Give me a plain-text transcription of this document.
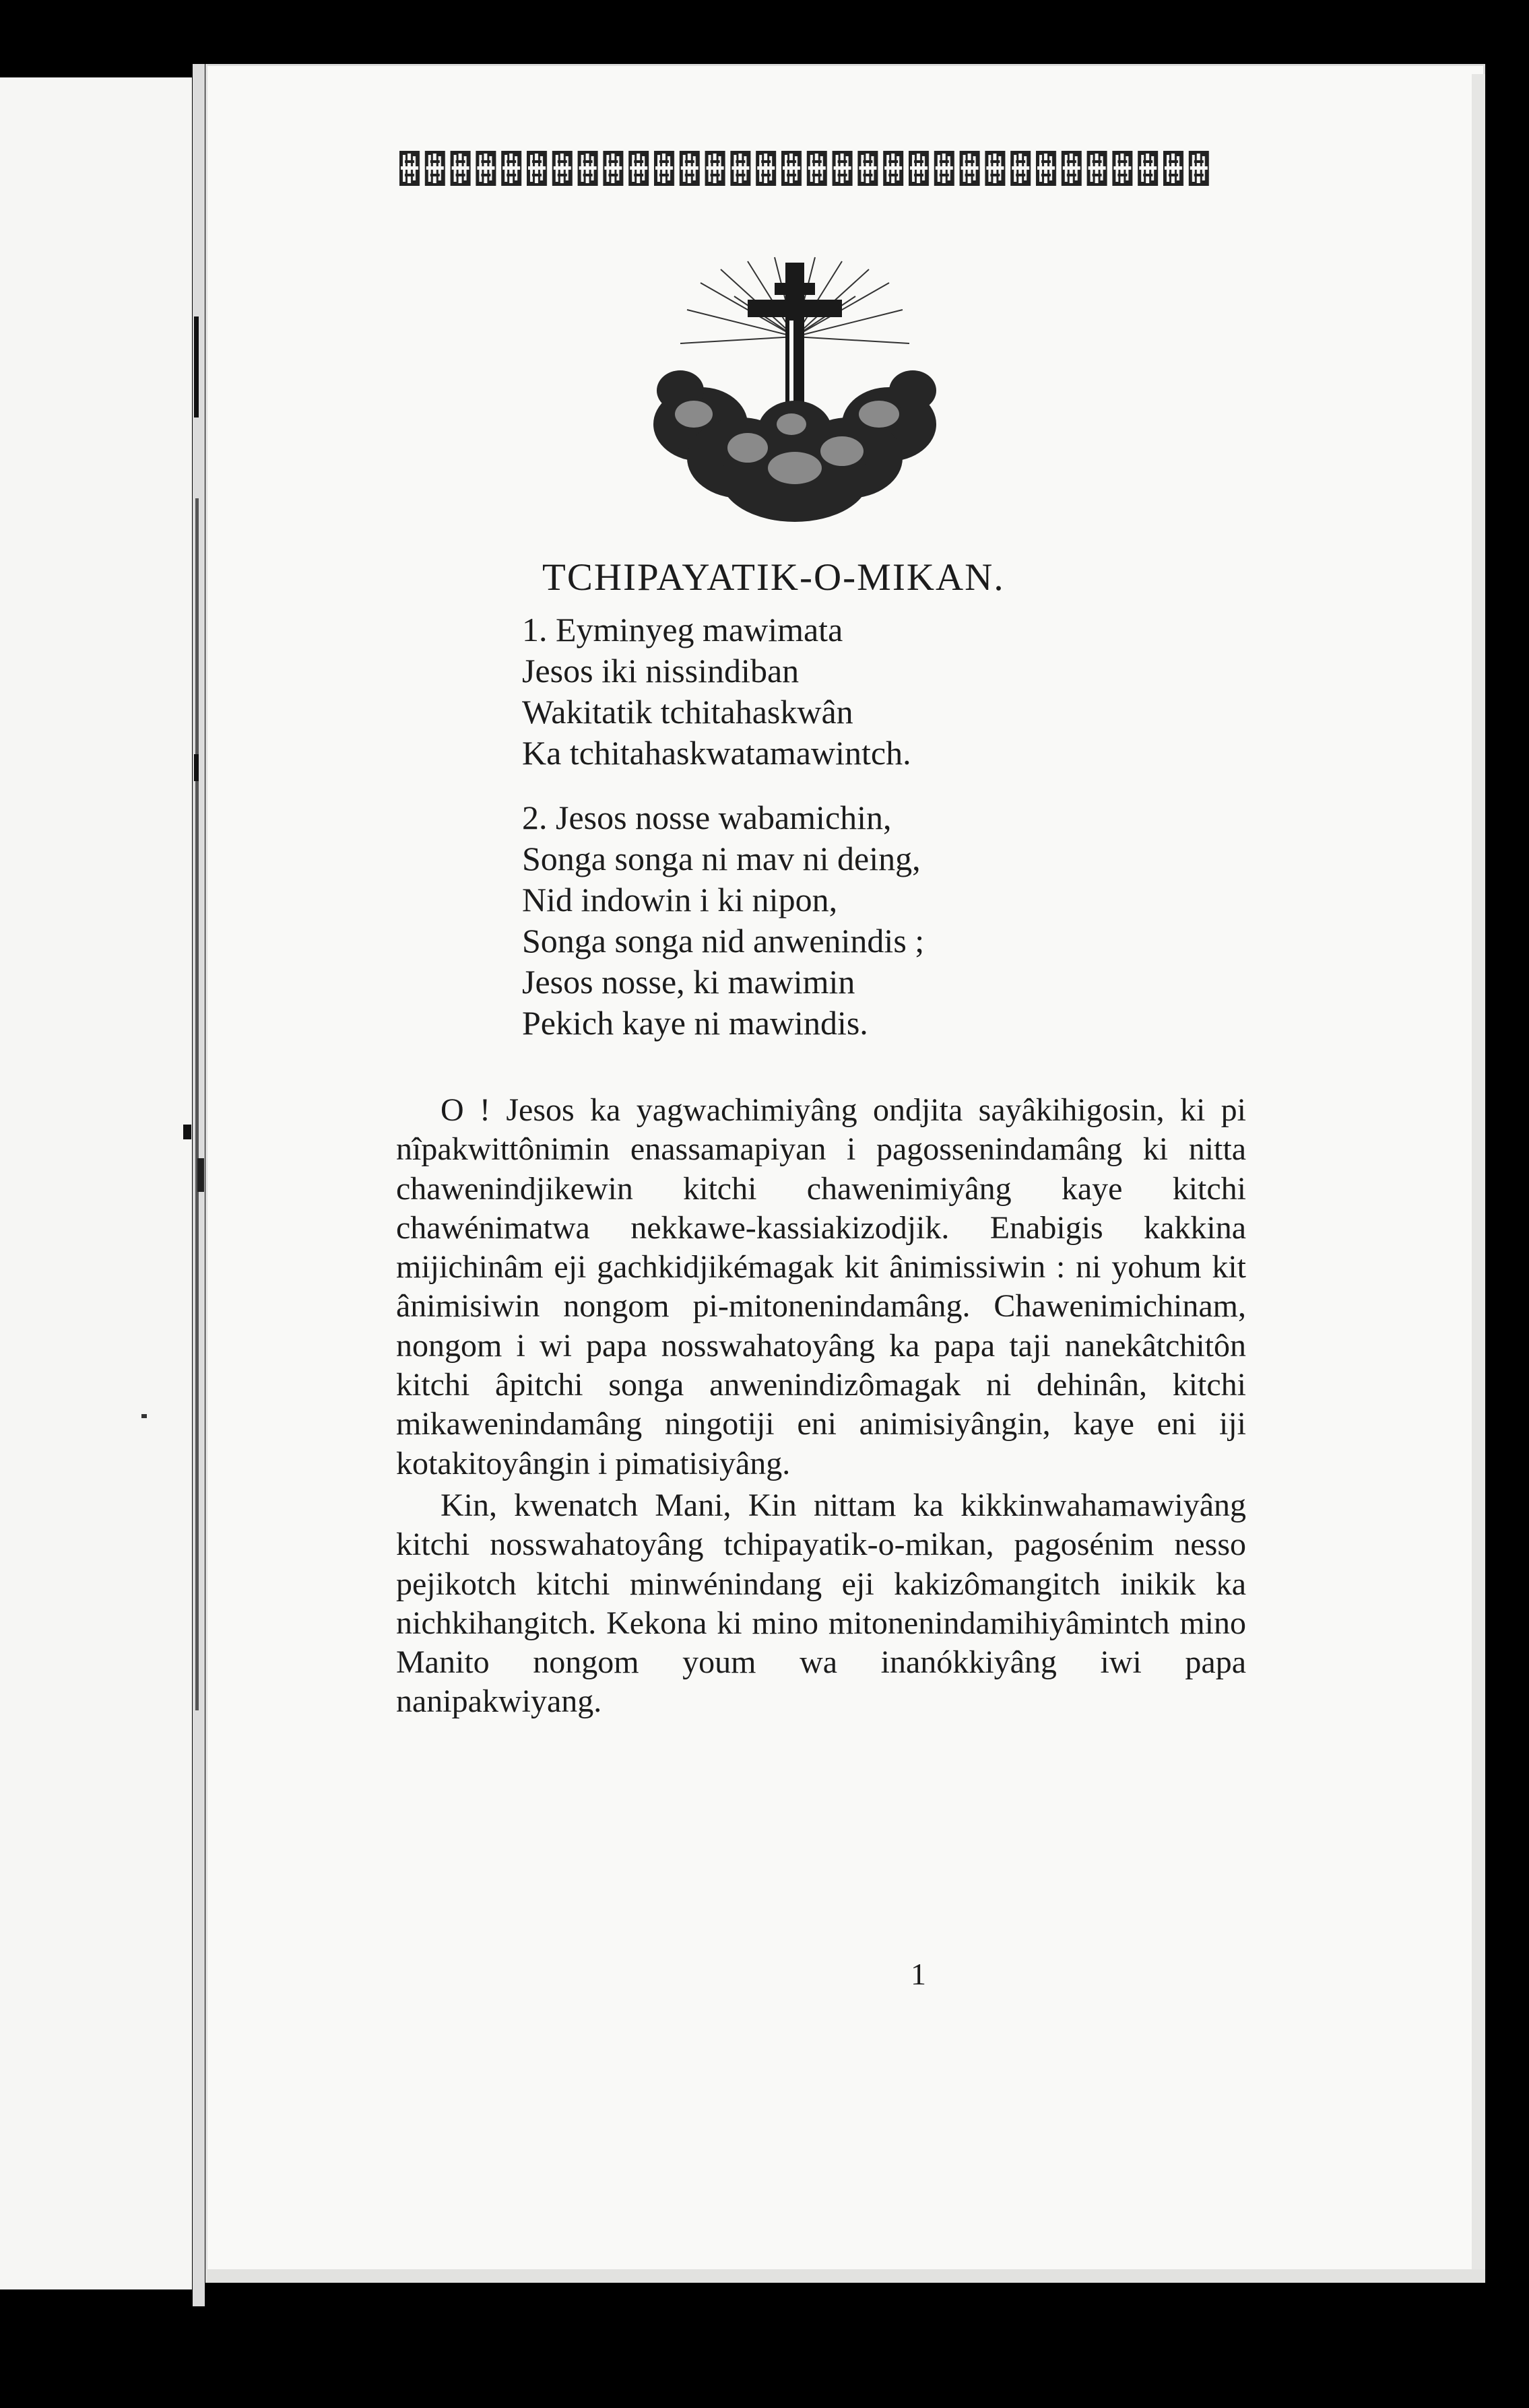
TCHIPAYATIK-O-MIKAN.
1. Eyminyeg mawimata
Jesos iki nissindiban
Wakitatik tchitahaskwân
Ka tchitahaskwatamawintch.
2. Jesos nosse wabamichin,
Songa songa ni mav ni deing,
Nid indowin i ki nipon,
Songa songa nid anwenindis ;
Jesos nosse, ki mawimin
Pekich kaye ni mawindis.

O ! Jesos ka yagwachimiyâng ondjita sayâkihigosin, ki pi nîpakwittônimin enassamapiyan i pagossenindamâng ki nitta chawenindjikewin kitchi chawenimiyâng kaye kitchi chawénimatwa nekkawe-kassiakizodjik. Enabigis kakkina mijichinâm eji gachkidjikémagak kit ânimissiwin : ni yohum kit ânimisiwin nongom pi-mitonenindamâng. Chawenimichinam, nongom i wi papa nosswahatoyâng ka papa taji nanekâtchitôn kitchi âpitchi songa anwenindizômagak ni dehinân, kitchi mikawenindamâng ningotiji eni animisiyângin, kaye eni iji kotakitoyângin i pimatisiyâng.

Kin, kwenatch Mani, Kin nittam ka kikkinwahamawiyâng kitchi nosswahatoyâng tchipayatik-o-mikan, pagosénim nesso pejikotch kitchi minwénindang eji kakizômangitch inikik ka nichkihangitch. Kekona ki mino mitonenindamihiyâmintch mino Manito nongom youm wa inanókkiyâng iwi papa nanipakwiyang.

1
